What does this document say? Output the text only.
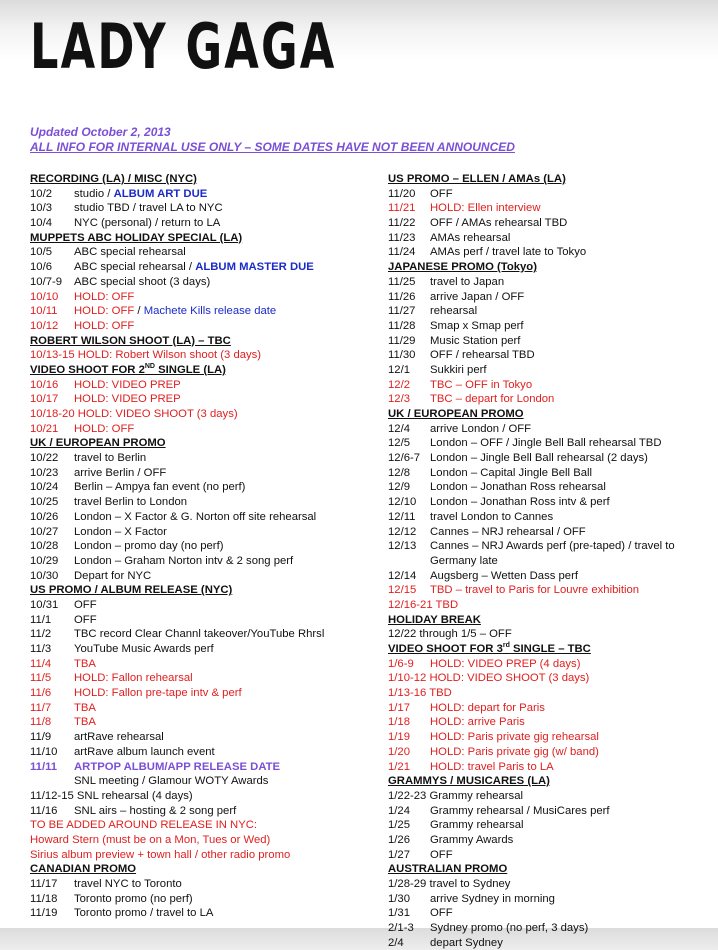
LADY GAGA
Updated October 2, 2013
ALL INFO FOR INTERNAL USE ONLY – SOME DATES HAVE NOT BEEN ANNOUNCED
RECORDING (LA) / MISC (NYC)
10/2	studio / ALBUM ART DUE
10/3	studio TBD / travel LA to NYC
10/4	NYC (personal) / return to LA
MUPPETS ABC HOLIDAY SPECIAL (LA)
10/5	ABC special rehearsal
10/6	ABC special rehearsal / ALBUM MASTER DUE
10/7-9	ABC special shoot (3 days)
10/10	HOLD: OFF
10/11	HOLD: OFF / Machete Kills release date
10/12	HOLD: OFF
ROBERT WILSON SHOOT (LA) – TBC
10/13-15 HOLD: Robert Wilson shoot (3 days)
VIDEO SHOOT FOR 2ND SINGLE (LA)
10/16	HOLD: VIDEO PREP
10/17	HOLD: VIDEO PREP
10/18-20 HOLD: VIDEO SHOOT (3 days)
10/21	HOLD: OFF
UK / EUROPEAN PROMO
10/22	travel to Berlin
10/23	arrive Berlin / OFF
10/24	Berlin – Ampya fan event (no perf)
10/25	travel Berlin to London
10/26	London – X Factor & G. Norton off site rehearsal
10/27	London – X Factor
10/28	London – promo day (no perf)
10/29	London – Graham Norton intv & 2 song perf
10/30	Depart for NYC
US PROMO / ALBUM RELEASE (NYC)
10/31	OFF
11/1	OFF
11/2	TBC record Clear Channl takeover/YouTube Rhrsl
11/3	YouTube Music Awards perf
11/4	TBA
11/5	HOLD: Fallon rehearsal
11/6	HOLD: Fallon pre-tape intv & perf
11/7	TBA
11/8	TBA
11/9	artRave rehearsal
11/10	artRave album launch event
11/11	ARTPOP ALBUM/APP RELEASE DATE
SNL meeting / Glamour WOTY Awards
11/12-15 SNL rehearsal (4 days)
11/16	SNL airs – hosting & 2 song perf
TO BE ADDED AROUND RELEASE IN NYC:
Howard Stern (must be on a Mon, Tues or Wed)
Sirius album preview + town hall / other radio promo
CANADIAN PROMO
11/17	travel NYC to Toronto
11/18	Toronto promo (no perf)
11/19	Toronto promo / travel to LA
US PROMO – ELLEN / AMAs (LA)
11/20	OFF
11/21	HOLD: Ellen interview
11/22	OFF / AMAs rehearsal TBD
11/23	AMAs rehearsal
11/24	AMAs perf / travel late to Tokyo
JAPANESE PROMO (Tokyo)
11/25	travel to Japan
11/26	arrive Japan / OFF
11/27	rehearsal
11/28	Smap x Smap perf
11/29	Music Station perf
11/30	OFF / rehearsal TBD
12/1	Sukkiri perf
12/2	TBC – OFF in Tokyo
12/3	TBC – depart for London
UK / EUROPEAN PROMO
12/4	arrive London / OFF
12/5	London – OFF / Jingle Bell Ball rehearsal TBD
12/6-7 London – Jingle Bell Ball rehearsal (2 days)
12/8	London – Capital Jingle Bell Ball
12/9	London – Jonathan Ross rehearsal
12/10	London – Jonathan Ross intv & perf
12/11	travel London to Cannes
12/12	Cannes – NRJ rehearsal / OFF
12/13	Cannes – NRJ Awards perf (pre-taped) / travel to
Germany late
12/14	Augsberg – Wetten Dass perf
12/15	TBD – travel to Paris for Louvre exhibition
12/16-21 TBD
HOLIDAY BREAK
12/22 through 1/5 – OFF
VIDEO SHOOT FOR 3rd SINGLE – TBC
1/6-9	HOLD: VIDEO PREP (4 days)
1/10-12 HOLD: VIDEO SHOOT (3 days)
1/13-16 TBD
1/17	HOLD: depart for Paris
1/18	HOLD: arrive Paris
1/19	HOLD: Paris private gig rehearsal
1/20	HOLD: Paris private gig (w/ band)
1/21	HOLD: travel Paris to LA
GRAMMYS / MUSICARES (LA)
1/22-23 Grammy rehearsal
1/24	Grammy rehearsal / MusiCares perf
1/25	Grammy rehearsal
1/26	Grammy Awards
1/27	OFF
AUSTRALIAN PROMO
1/28-29 travel to Sydney
1/30	arrive Sydney in morning
1/31	OFF
2/1-3	Sydney promo (no perf, 3 days)
2/4	depart Sydney
